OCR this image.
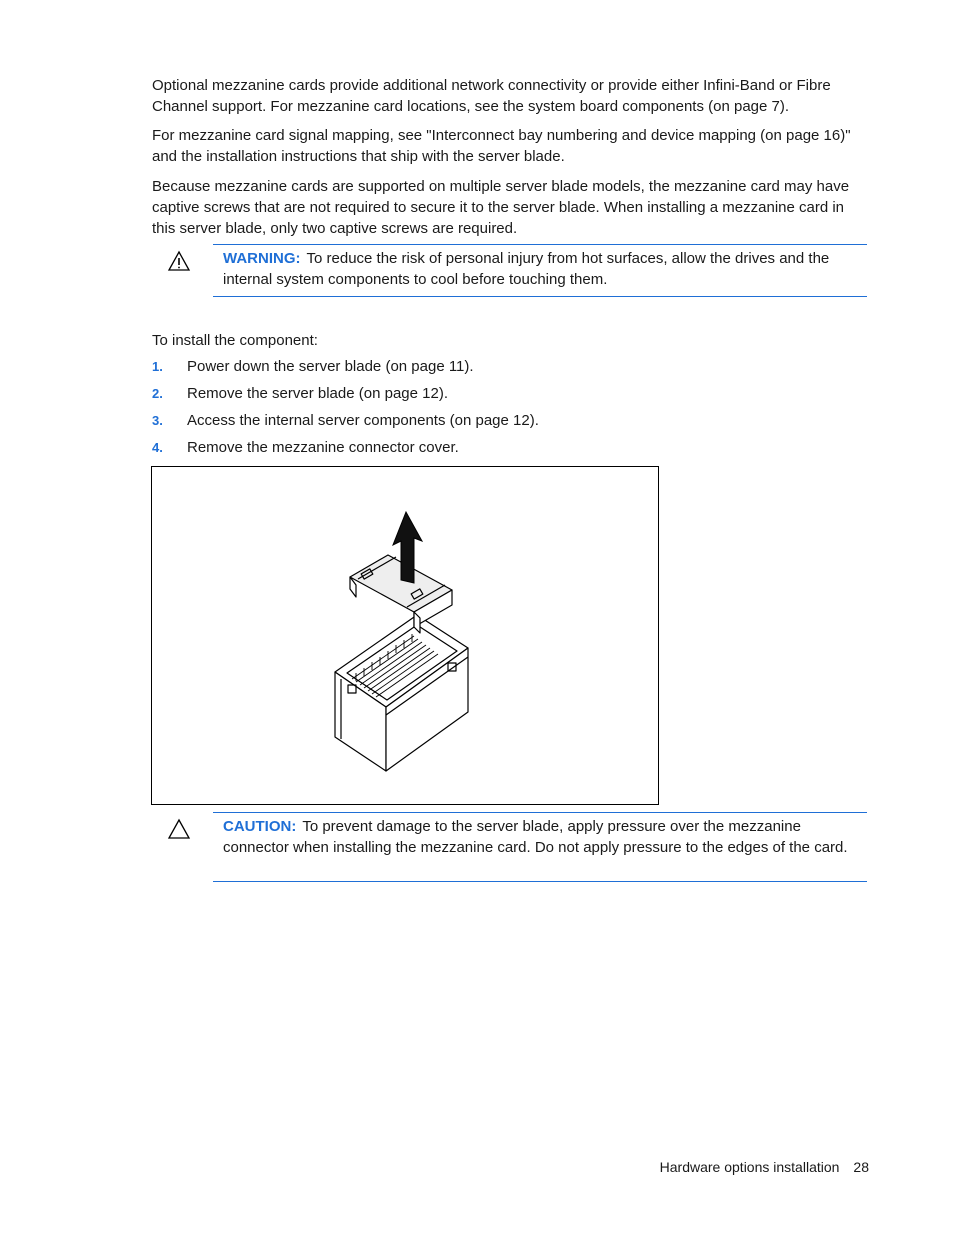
Optional mezzanine cards provide additional network connectivity or provide either Infini-Band or Fibre Channel support. For mezzanine card locations, see the system board components (on page 7).

For mezzanine card signal mapping, see "Interconnect bay numbering and device mapping (on page 16)" and the installation instructions that ship with the server blade.

Because mezzanine cards are supported on multiple server blade models, the mezzanine card may have captive screws that are not required to secure it to the server blade. When installing a mezzanine card in this server blade, only two captive screws are required.

WARNING: To reduce the risk of personal injury from hot surfaces, allow the drives and the internal system components to cool before touching them.
To install the component:
1. Power down the server blade (on page 11).
2. Remove the server blade (on page 12).
3. Access the internal server components (on page 12).
4. Remove the mezzanine connector cover.
CAUTION: To prevent damage to the server blade, apply pressure over the mezzanine connector when installing the mezzanine card. Do not apply pressure to the edges of the card.
Hardware options installation 28
